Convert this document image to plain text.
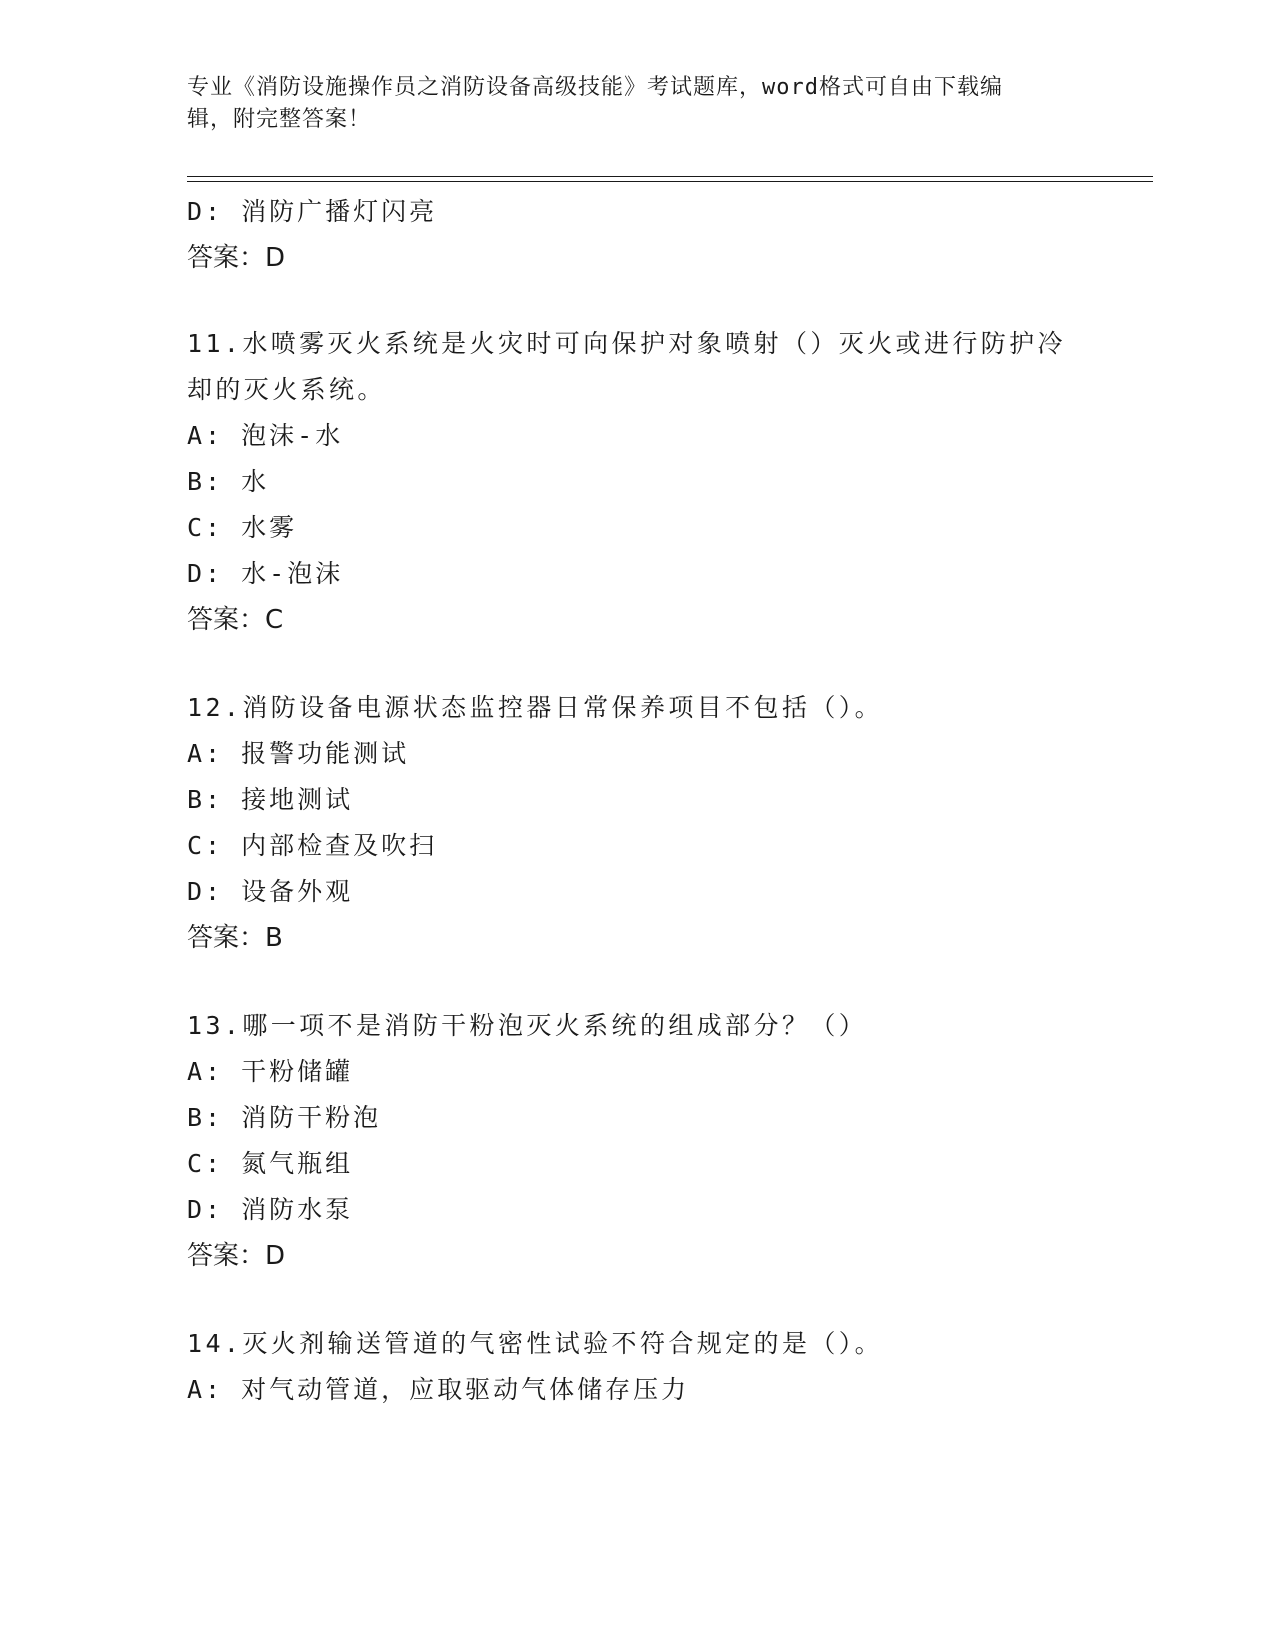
专业《消防设施操作员之消防设备高级技能》考试题库，word格式可自由下载编
辑，附完整答案！
D: 消防广播灯闪亮
答案：D
11.水喷雾灭火系统是火灾时可向保护对象喷射（）灭火或进行防护冷
却的灭火系统。
A: 泡沫-水
B: 水
C: 水雾
D: 水-泡沫
答案：C
12.消防设备电源状态监控器日常保养项目不包括（）。
A: 报警功能测试
B: 接地测试
C: 内部检查及吹扫
D: 设备外观
答案：B
13.哪一项不是消防干粉泡灭火系统的组成部分？（）
A: 干粉储罐
B: 消防干粉泡
C: 氮气瓶组
D: 消防水泵
答案：D
14.灭火剂输送管道的气密性试验不符合规定的是（）。
A: 对气动管道，应取驱动气体储存压力
